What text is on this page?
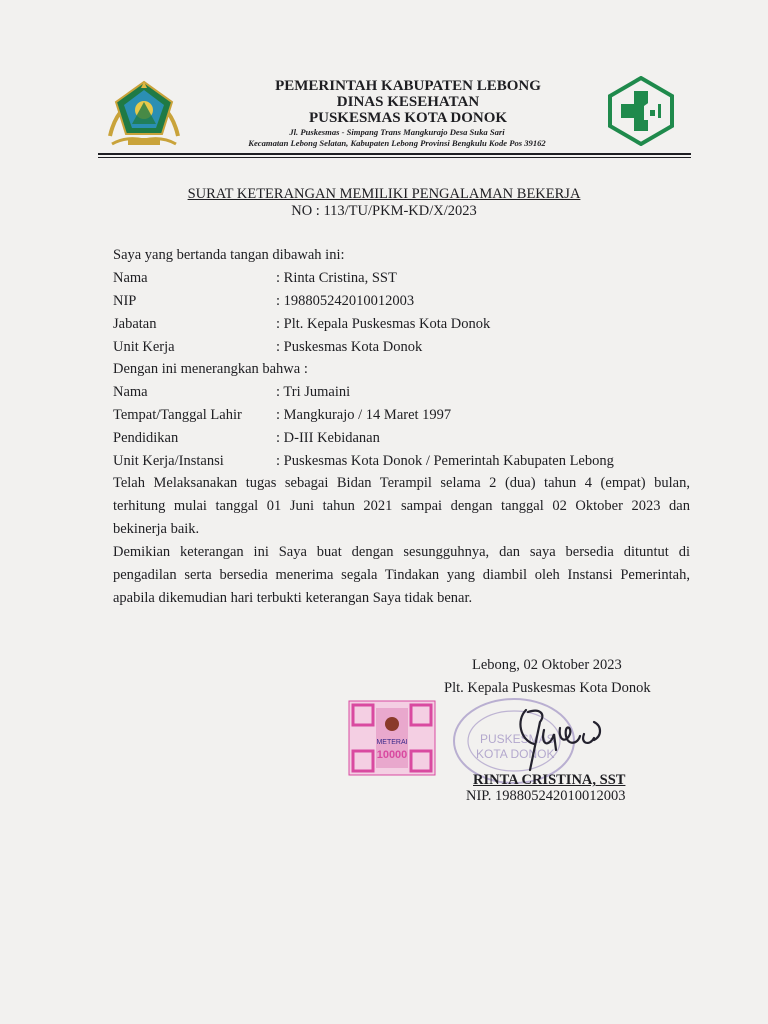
PEMERINTAH KABUPATEN LEBONG
DINAS KESEHATAN
PUSKESMAS KOTA DONOK
Jl. Puskesmas - Simpang Trans Mangkurajo Desa Suka Sari
Kecamatan Lebong Selatan, Kabupaten Lebong Provinsi Bengkulu Kode Pos 39162
SURAT KETERANGAN MEMILIKI PENGALAMAN BEKERJA
NO : 113/TU/PKM-KD/X/2023
Saya yang bertanda tangan dibawah ini:
Nama	: Rinta Cristina, SST
NIP	: 198805242010012003
Jabatan	: Plt. Kepala Puskesmas Kota Donok
Unit Kerja	: Puskesmas Kota Donok
Dengan ini menerangkan bahwa :
Nama	: Tri Jumaini
Tempat/Tanggal Lahir : Mangkurajo / 14 Maret 1997
Pendidikan	: D-III Kebidanan
Unit Kerja/Instansi	: Puskesmas Kota Donok / Pemerintah Kabupaten Lebong
Telah Melaksanakan tugas sebagai Bidan Terampil selama 2 (dua) tahun 4 (empat) bulan,
terhitung mulai tanggal 01 Juni tahun 2021 sampai dengan tanggal 02 Oktober 2023 dan
bekinerja baik.
Demikian keterangan ini Saya buat dengan sesungguhnya, dan saya bersedia dituntut di
pengadilan serta bersedia menerima segala Tindakan yang diambil oleh Instansi Pemerintah,
apabila dikemudian hari terbukti keterangan Saya tidak benar.
Lebong, 02 Oktober 2023
Plt. Kepala Puskesmas Kota Donok
PUSKESMAS
KOTA DONOK
METERAI
10000
RINTA CRISTINA, SST
NIP. 198805242010012003
